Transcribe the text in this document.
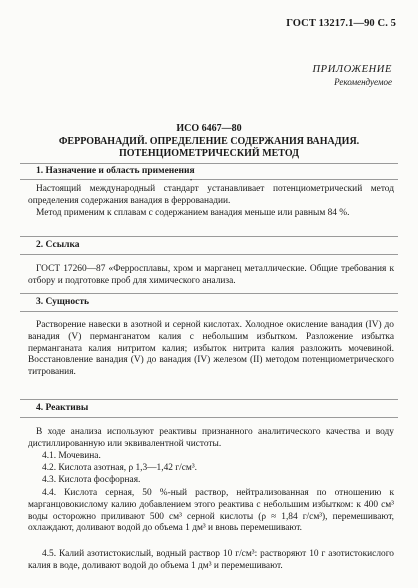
ГОСТ 13217.1—90 С. 5
ПРИЛОЖЕНИЕ
Рекомендуемое
ИСО 6467—80
ФЕРРОВАНАДИЙ. ОПРЕДЕЛЕНИЕ СОДЕРЖАНИЯ ВАНАДИЯ.
ПОТЕНЦИОМЕТРИЧЕСКИЙ МЕТОД
1. Назначение и область применения
•
Настоящий международный стандарт устанавливает потенциометрический метод определения содержания ванадия в феррованадии.
Метод применим к сплавам с содержанием ванадия меньше или равным 84 %.
2. Ссылка
ГОСТ 17260—87 «Ферросплавы, хром и марганец металлические. Общие требования к отбору и подготовке проб для химического анализа.
3. Сущность
Растворение навески в азотной и серной кислотах. Холодное окисление ванадия (IV) до ванадия (V) перманганатом калия с небольшим избытком. Разложение избытка перманганата калия нитритом калия; избыток нитрита калия разложить мочевиной. Восстановление ванадия (V) до ванадия (IV) железом (II) методом потенциометрического титрования.
4. Реактивы
В ходе анализа используют реактивы признанного аналитического качества и воду дистиллированную или эквивалентной чистоты.
4.1. Мочевина.
4.2. Кислота азотная, ρ 1,3—1,42 г/см³.
4.3. Кислота фосфорная.
4.4. Кислота серная, 50 %-ный раствор, нейтрализованная по отношению к марганцовокислому калию добавлением этого реактива с небольшим избытком: к 400 см³ воды осторожно приливают 500 см³ серной кислоты (ρ ≈ 1,84 г/см³), перемешивают, охлаждают, доливают водой до объема 1 дм³ и вновь перемешивают.
4.5. Калий азотистокислый, водный раствор 10 г/см³: растворяют 10 г азотистокислого калия в воде, доливают водой до объема 1 дм³ и перемешивают.
